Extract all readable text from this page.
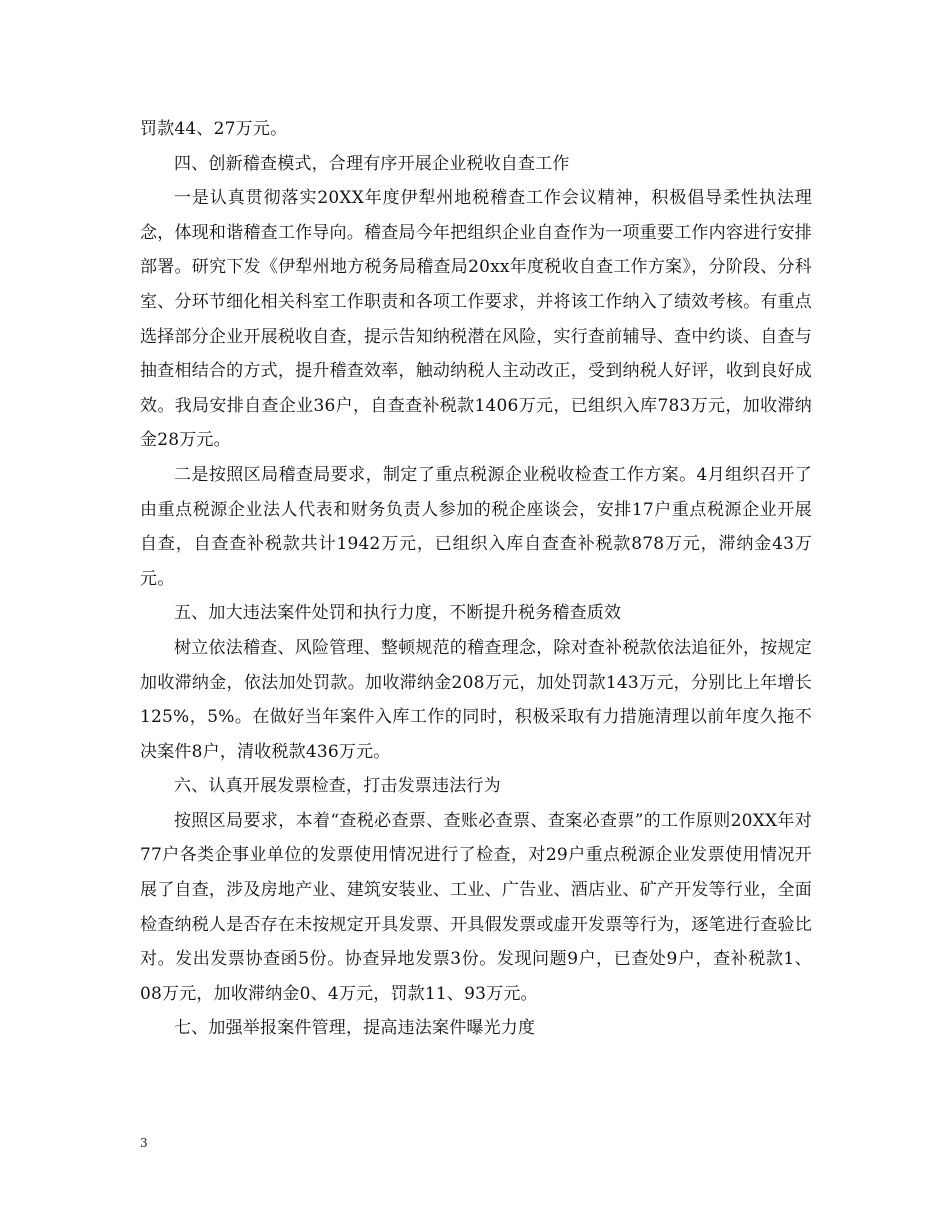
罚款44、27万元。

四、创新稽查模式，合理有序开展企业税收自查工作

一是认真贯彻落实20XX年度伊犁州地税稽查工作会议精神，积极倡导柔性执法理念，体现和谐稽查工作导向。稽查局今年把组织企业自查作为一项重要工作内容进行安排部署。研究下发《伊犁州地方税务局稽查局20xx年度税收自查工作方案》，分阶段、分科室、分环节细化相关科室工作职责和各项工作要求，并将该工作纳入了绩效考核。有重点选择部分企业开展税收自查，提示告知纳税潜在风险，实行查前辅导、查中约谈、自查与抽查相结合的方式，提升稽查效率，触动纳税人主动改正，受到纳税人好评，收到良好成效。我局安排自查企业36户，自查查补税款1406万元，已组织入库783万元，加收滞纳金28万元。

二是按照区局稽查局要求，制定了重点税源企业税收检查工作方案。4月组织召开了由重点税源企业法人代表和财务负责人参加的税企座谈会，安排17户重点税源企业开展自查，自查查补税款共计1942万元，已组织入库自查查补税款878万元，滞纳金43万元。

五、加大违法案件处罚和执行力度，不断提升税务稽查质效

树立依法稽查、风险管理、整顿规范的稽查理念，除对查补税款依法追征外，按规定加收滞纳金，依法加处罚款。加收滞纳金208万元，加处罚款143万元，分别比上年增长125%，5%。在做好当年案件入库工作的同时，积极采取有力措施清理以前年度久拖不决案件8户，清收税款436万元。

六、认真开展发票检查，打击发票违法行为

按照区局要求，本着“查税必查票、查账必查票、查案必查票”的工作原则20XX年对77户各类企事业单位的发票使用情况进行了检查，对29户重点税源企业发票使用情况开展了自查，涉及房地产业、建筑安装业、工业、广告业、酒店业、矿产开发等行业，全面检查纳税人是否存在未按规定开具发票、开具假发票或虚开发票等行为，逐笔进行查验比对。发出发票协查函5份。协查异地发票3份。发现问题9户，已查处9户，查补税款1、08万元，加收滞纳金0、4万元，罚款11、93万元。

七、加强举报案件管理，提高违法案件曝光力度

3
